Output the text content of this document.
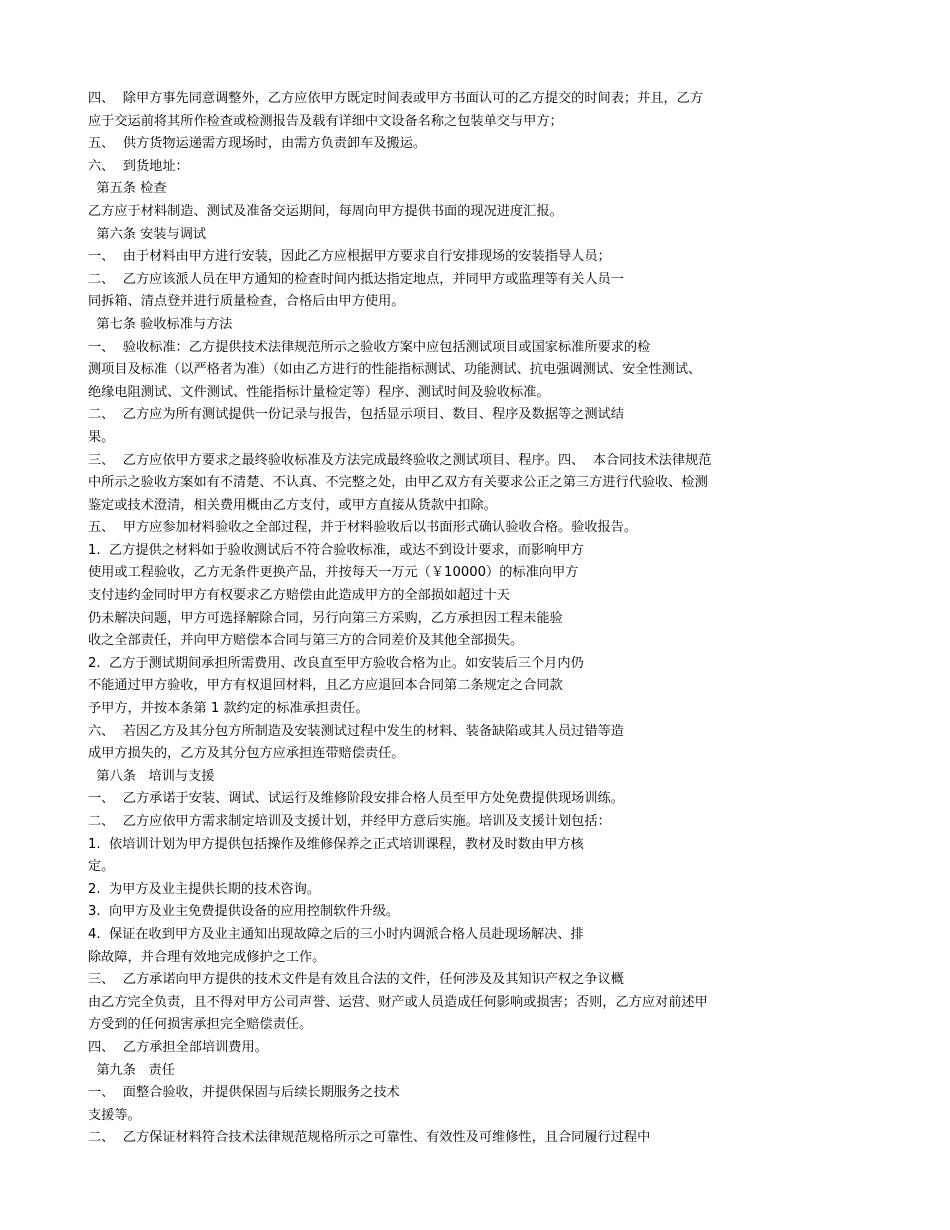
四、  除甲方事先同意调整外，乙方应依甲方既定时间表或甲方书面认可的乙方提交的时间表；并且，乙方
应于交运前将其所作检查或检测报告及载有详细中文设备名称之包装单交与甲方；
五、  供方货物运递需方现场时，由需方负责卸车及搬运。
六、  到货地址：
第五条 检查
乙方应于材料制造、测试及准备交运期间，每周向甲方提供书面的现况进度汇报。
第六条 安装与调试
一、  由于材料由甲方进行安装，因此乙方应根据甲方要求自行安排现场的安装指导人员；
二、  乙方应该派人员在甲方通知的检查时间内抵达指定地点，并同甲方或监理等有关人员一
同拆箱、清点登并进行质量检查，合格后由甲方使用。
第七条 验收标准与方法
一、  验收标准：乙方提供技术法律规范所示之验收方案中应包括测试项目或国家标准所要求的检
测项目及标准（以严格者为准）（如由乙方进行的性能指标测试、功能测试、抗电强调测试、安全性测试、
绝缘电阻测试、文件测试、性能指标计量检定等）程序、测试时间及验收标准。
二、  乙方应为所有测试提供一份记录与报告，包括显示项目、数目、程序及数据等之测试结
果。
三、  乙方应依甲方要求之最终验收标准及方法完成最终验收之测试项目、程序。四、  本合同技术法律规范
中所示之验收方案如有不清楚、不认真、不完整之处，由甲乙双方有关要求公正之第三方进行代验收、检测
鉴定或技术澄清，相关费用概由乙方支付，或甲方直接从货款中扣除。
五、  甲方应参加材料验收之全部过程，并于材料验收后以书面形式确认验收合格。验收报告。
1.  乙方提供之材料如于验收测试后不符合验收标准，或达不到设计要求，而影响甲方
使用或工程验收，乙方无条件更换产品，并按每天一万元（￥10000）的标准向甲方
支付违约金同时甲方有权要求乙方赔偿由此造成甲方的全部损如超过十天
仍未解决问题，甲方可选择解除合同，另行向第三方采购，乙方承担因工程未能验
收之全部责任，并向甲方赔偿本合同与第三方的合同差价及其他全部损失。
2.  乙方于测试期间承担所需费用、改良直至甲方验收合格为止。如安装后三个月内仍
不能通过甲方验收，甲方有权退回材料，且乙方应退回本合同第二条规定之合同款
予甲方，并按本条第 1 款约定的标准承担责任。
六、  若因乙方及其分包方所制造及安装测试过程中发生的材料、装备缺陷或其人员过错等造
成甲方损失的，乙方及其分包方应承担连带赔偿责任。
第八条   培训与支援
一、  乙方承诺于安装、调试、试运行及维修阶段安排合格人员至甲方处免费提供现场训练。
二、  乙方应依甲方需求制定培训及支援计划，并经甲方意后实施。培训及支援计划包括：
1.  依培训计划为甲方提供包括操作及维修保养之正式培训课程，教材及时数由甲方核
定。
2.  为甲方及业主提供长期的技术咨询。
3.  向甲方及业主免费提供设备的应用控制软件升级。
4.  保证在收到甲方及业主通知出现故障之后的三小时内调派合格人员赴现场解决、排
除故障，并合理有效地完成修护之工作。
三、  乙方承诺向甲方提供的技术文件是有效且合法的文件，任何涉及及其知识产权之争议概
由乙方完全负责，且不得对甲方公司声誉、运营、财产或人员造成任何影响或损害；否则，乙方应对前述甲
方受到的任何损害承担完全赔偿责任。
四、  乙方承担全部培训费用。
第九条   责任
一、  面整合验收，并提供保固与后续长期服务之技术
支援等。
二、  乙方保证材料符合技术法律规范规格所示之可靠性、有效性及可维修性，且合同履行过程中
